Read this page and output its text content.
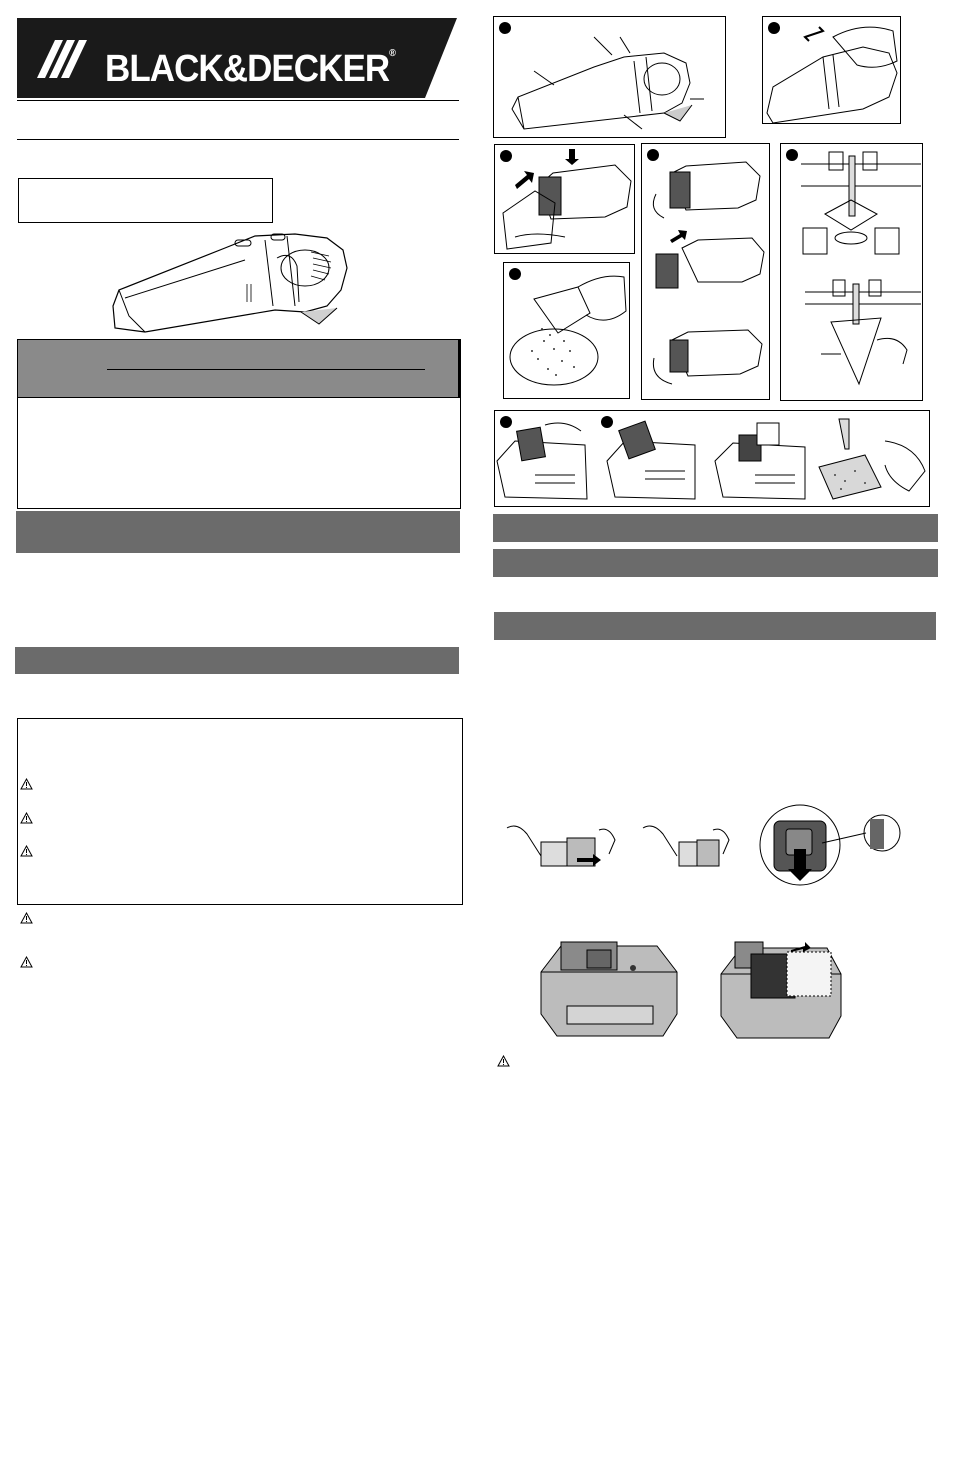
BLACK&DECKER®
